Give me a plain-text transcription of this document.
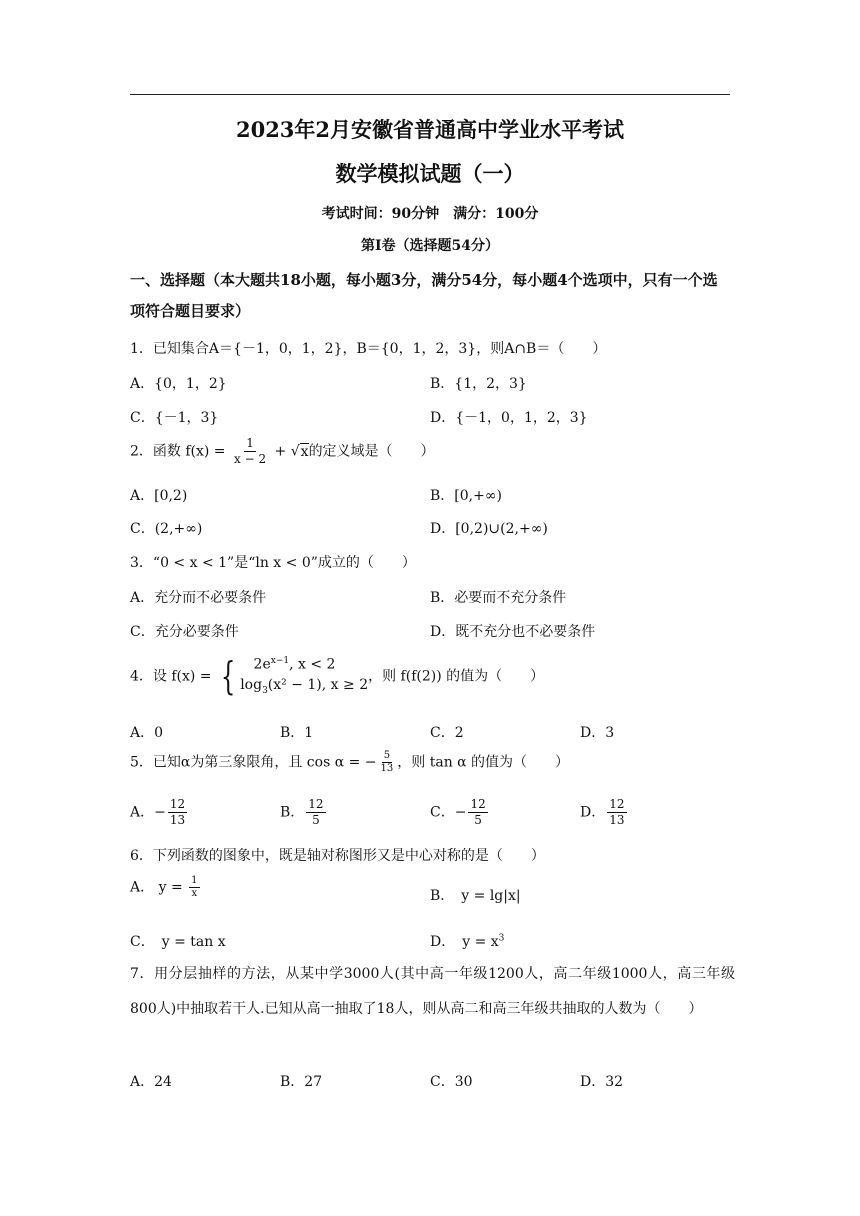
2023年2月安徽省普通高中学业水平考试
数学模拟试题（一）
考试时间：90分钟　满分：100分
第Ⅰ卷（选择题54分）
一、选择题（本大题共18小题，每小题3分，满分54分，每小题4个选项中，只有一个选项符合题目要求）
1．已知集合A＝{－1，0，1，2}，B＝{0，1，2，3}，则A∩B＝（　　）
A．{0，1，2}	B．{1，2，3}
C．{－1，3}	D．{－1，0，1，2，3}
2．函数 $f(x) = \frac{1}{x - 2} + √x$的定义域是（　　）
A．[0,2)	B．[0,+∞)
C．(2,+∞)	D．[0,2)∪(2,+∞)
3．“0 < x < 1”是“ln x < 0”成立的（　　）
A．充分而不必要条件	B．必要而不充分条件
C．充分必要条件	D．既不充分也不必要条件
4．设 f(x) = {	$2e^{x-1}$, x < 2
$\log_3(x^2 - 1)$, x ≥ 2 ，则 f(f(2)) 的值为（　　）
A．0	B．1	C．2	D．3
5．已知α为第三象限角，且 cos α = − $\frac{5}{13}$ ，则 tan α 的值为（　　）
A．− $\frac{12}{13}$	B． $\frac{12}{5}$	C．− $\frac{12}{5}$	D． $\frac{12}{13}$
6．下列函数的图象中，既是轴对称图形又是中心对称的是（　　）
A． $y = \frac{1}{x}$	B．　y = lg|x|
C．　y = tan x	D．　$y = x^3$
7．用分层抽样的方法，从某中学3000人(其中高一年级1200人，高二年级1000人，高三年级800人)中抽取若干人.已知从高一抽取了18人，则从高二和高三年级共抽取的人数为（　　）
A．24	B．27	C．30	D．32
